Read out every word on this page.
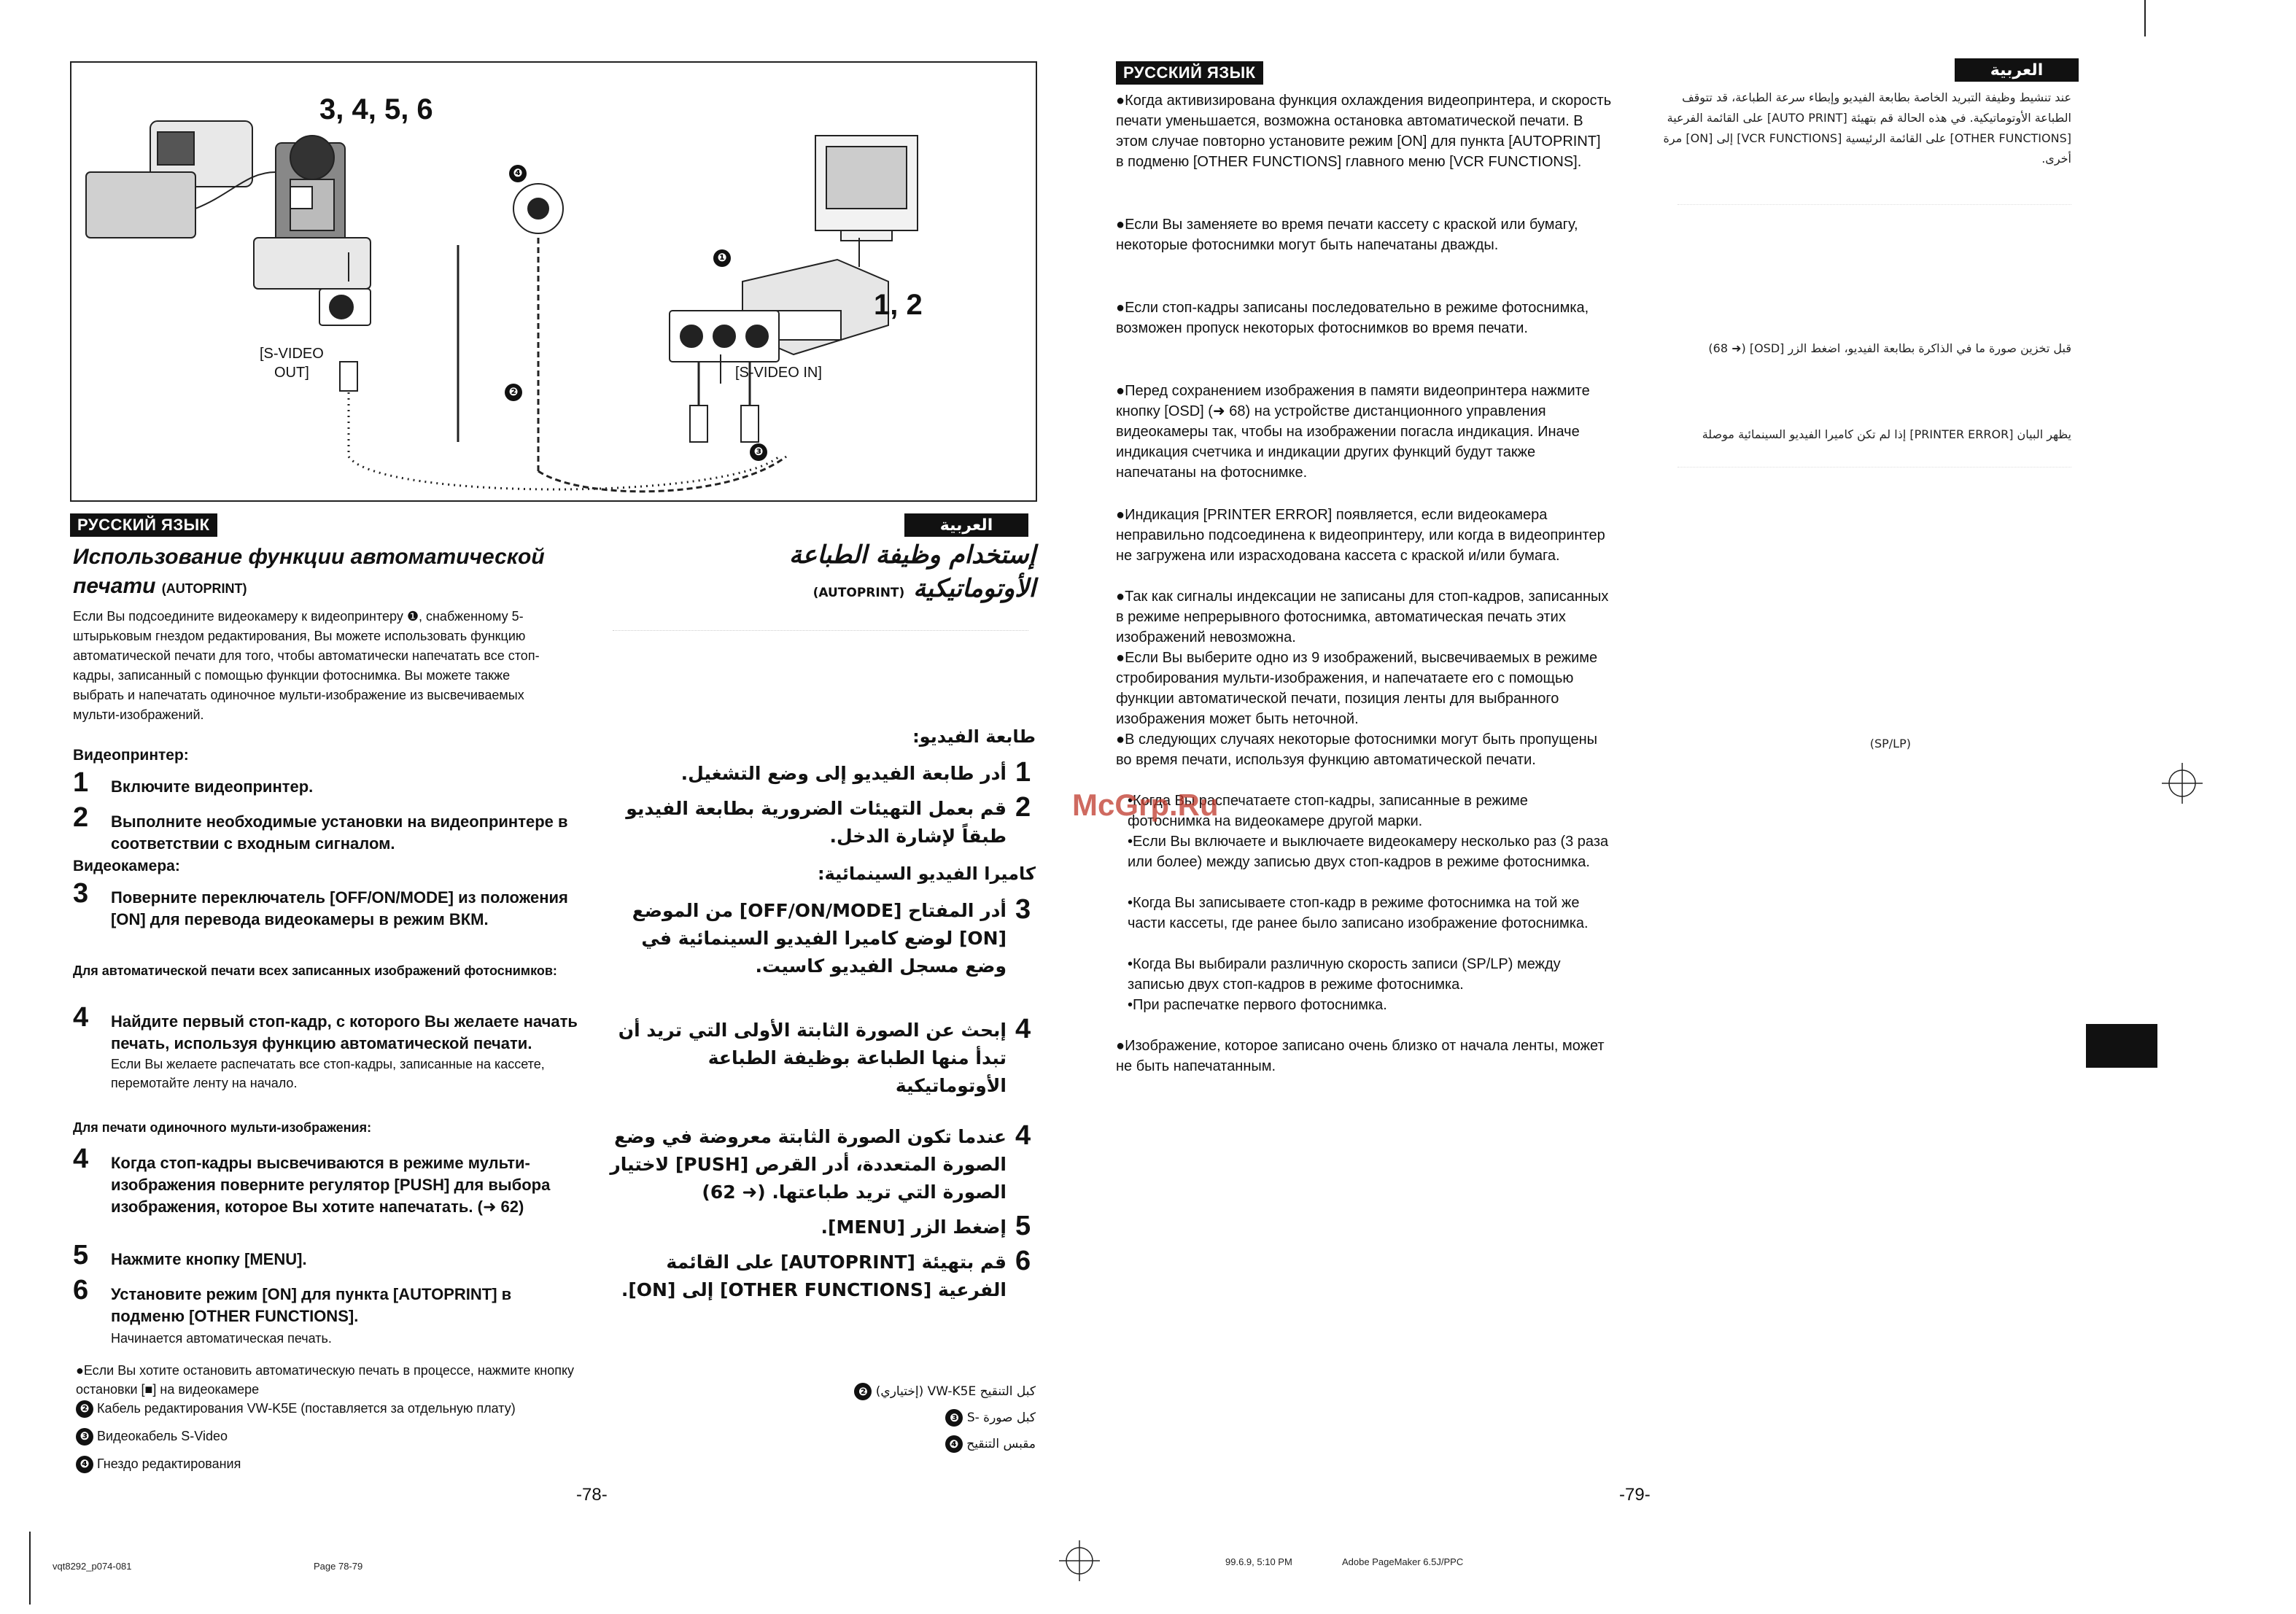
3, 4, 5, 6
1, 2
[S-VIDEO
OUT]	[S-VIDEO IN]
❶
❷
❸
❹
РУССКИЙ ЯЗЫК	العربية
Использование функции автоматической
печати (AUTOPRINT)
Если Вы подсоедините видеокамеру к видеопринтеру ❶, снабженному 5-штырьковым гнездом редактирования, Вы можете использовать функцию автоматической печати для того, чтобы автоматически напечатать все стоп-кадры, записанный с помощью функции фотоснимка. Вы можете также выбрать и напечатать одиночное мульти-изображение из высвечиваемых мульти-изображений.
Видеопринтер:
1 Включите видеопринтер.
2 Выполните необходимые установки на видеопринтере в соответствии с входным сигналом.
Видеокамера:
3 Поверните переключатель [OFF/ON/MODE] из положения [ON] для перевода видеокамеры в режим ВКМ.
Для автоматической печати всех записанных изображений фотоснимков:
4 Найдите первый стоп-кадр, с которого Вы желаете начать печать, используя функцию автоматической печати.
Если Вы желаете распечатать все стоп-кадры, записанные на кассете, перемотайте ленту на начало.
Для печати одиночного мульти-изображения:
4 Когда стоп-кадры высвечиваются в режиме мульти-изображения поверните регулятор [PUSH] для выбора изображения, которое Вы хотите напечатать. (➜ 62)
5 Нажмите кнопку [MENU].
6 Установите режим [ON] для пункта [AUTOPRINT] в подменю [OTHER FUNCTIONS].
Начинается автоматическая печать.
●Если Вы хотите остановить автоматическую печать в процессе, нажмите кнопку остановки [■] на видеокамере
❷ Кабель редактирования VW-K5E (поставляется за отдельную плату)
❸ Видеокабель S-Video
❹ Гнездо редактирования
إستخدام وظيفة الطباعة
الأوتوماتيكية (AUTOPRINT)
طابعة الفيديو:
1
أدر طابعة الفيديو إلى وضع التشغيل.
2
قم بعمل التهيئات الضرورية بطابعة الفيديو طبقاً لإشارة الدخل.
كاميرا الفيديو السينمائية:
3
أدر المفتاح [OFF/ON/MODE] من الموضع [ON] لوضع كاميرا الفيديو السينمائية في وضع مسجل الفيديو كاسيت.
4
إبحث عن الصورة الثابتة الأولى التي تريد أن تبدأ منها الطباعة بوظيفة الطباعة الأوتوماتيكية
4
عندما تكون الصورة الثابتة معروضة في وضع الصورة المتعددة، أدر القرص [PUSH] لاختيار الصورة التي تريد طباعتها. (➜ 62)
5
إضغط الزر [MENU].
6
قم بتهيئة [AUTOPRINT] على القائمة الفرعية [OTHER FUNCTIONS] إلى [ON].
كبل التنقيح VW-K5E (إختياري) ❷
كبل صورة -S ❸
مقبس التنقيح ❹
-78-
РУССКИЙ ЯЗЫК	العربية
●Когда активизирована функция охлаждения видеопринтера, и скорость печати уменьшается, возможна остановка автоматической печати. В этом случае повторно установите режим [ON] для пункта [AUTOPRINT] в подменю [OTHER FUNCTIONS] главного меню [VCR FUNCTIONS].
●Если Вы заменяете во время печати кассету с краской или бумагу, некоторые фотоснимки могут быть напечатаны дважды.
●Если стоп-кадры записаны последовательно в режиме фотоснимка, возможен пропуск некоторых фотоснимков во время печати.
●Перед сохранением изображения в памяти видеопринтера нажмите кнопку [OSD] (➜ 68) на устройстве дистанционного управления видеокамеры так, чтобы на изображении погасла индикация. Иначе индикация счетчика и индикации других функций будут также напечатаны на фотоснимке.
●Индикация [PRINTER ERROR] появляется, если видеокамера неправильно подсоединена к видеопринтеру, или когда в видеопринтер не загружена или израсходована кассета с краской и/или бумага.
●Так как сигналы индексации не записаны для стоп-кадров, записанных в режиме непрерывного фотоснимка, автоматическая печать этих изображений невозможна.
●Если Вы выберите одно из 9 изображений, высвечиваемых в режиме стробирования мульти-изображения, и напечатаете его с помощью функции автоматической печати, позиция ленты для выбранного изображения может быть неточной.
●В следующих случаях некоторые фотоснимки могут быть пропущены во время печати, используя функцию автоматической печати.
•Когда Вы распечатаете стоп-кадры, записанные в режиме фотоснимка на видеокамере другой марки.
•Если Вы включаете и выключаете видеокамеру несколько раз (3 раза или более) между записью двух стоп-кадров в режиме фотоснимка.
•Когда Вы записываете стоп-кадр в режиме фотоснимка на той же части кассеты, где ранее было записано изображение фотоснимка.
•Когда Вы выбирали различную скорость записи (SP/LP) между записью двух стоп-кадров в режиме фотоснимка.
•При распечатке первого фотоснимка.
●Изображение, которое записано очень близко от начала ленты, может не быть напечатанным.
McGrp.Ru
عند تنشيط وظيفة التبريد الخاصة بطابعة الفيديو وإبطاء سرعة الطباعة، قد تتوقف الطباعة الأوتوماتيكية. في هذه الحالة قم بتهيئة [AUTO PRINT] على القائمة الفرعية [OTHER FUNCTIONS] على القائمة الرئيسية [VCR FUNCTIONS] إلى [ON] مرة أخرى.
قبل تخزين صورة ما في الذاكرة بطابعة الفيديو، اضغط الزر [OSD] (➜ 68)
يظهر البيان [PRINTER ERROR] إذا لم تكن كاميرا الفيديو السينمائية موصلة
(SP/LP)
-79-
vqt8292_p074-081	Page 78-79	99.6.9, 5:10 PM	Adobe PageMaker 6.5J/PPC
